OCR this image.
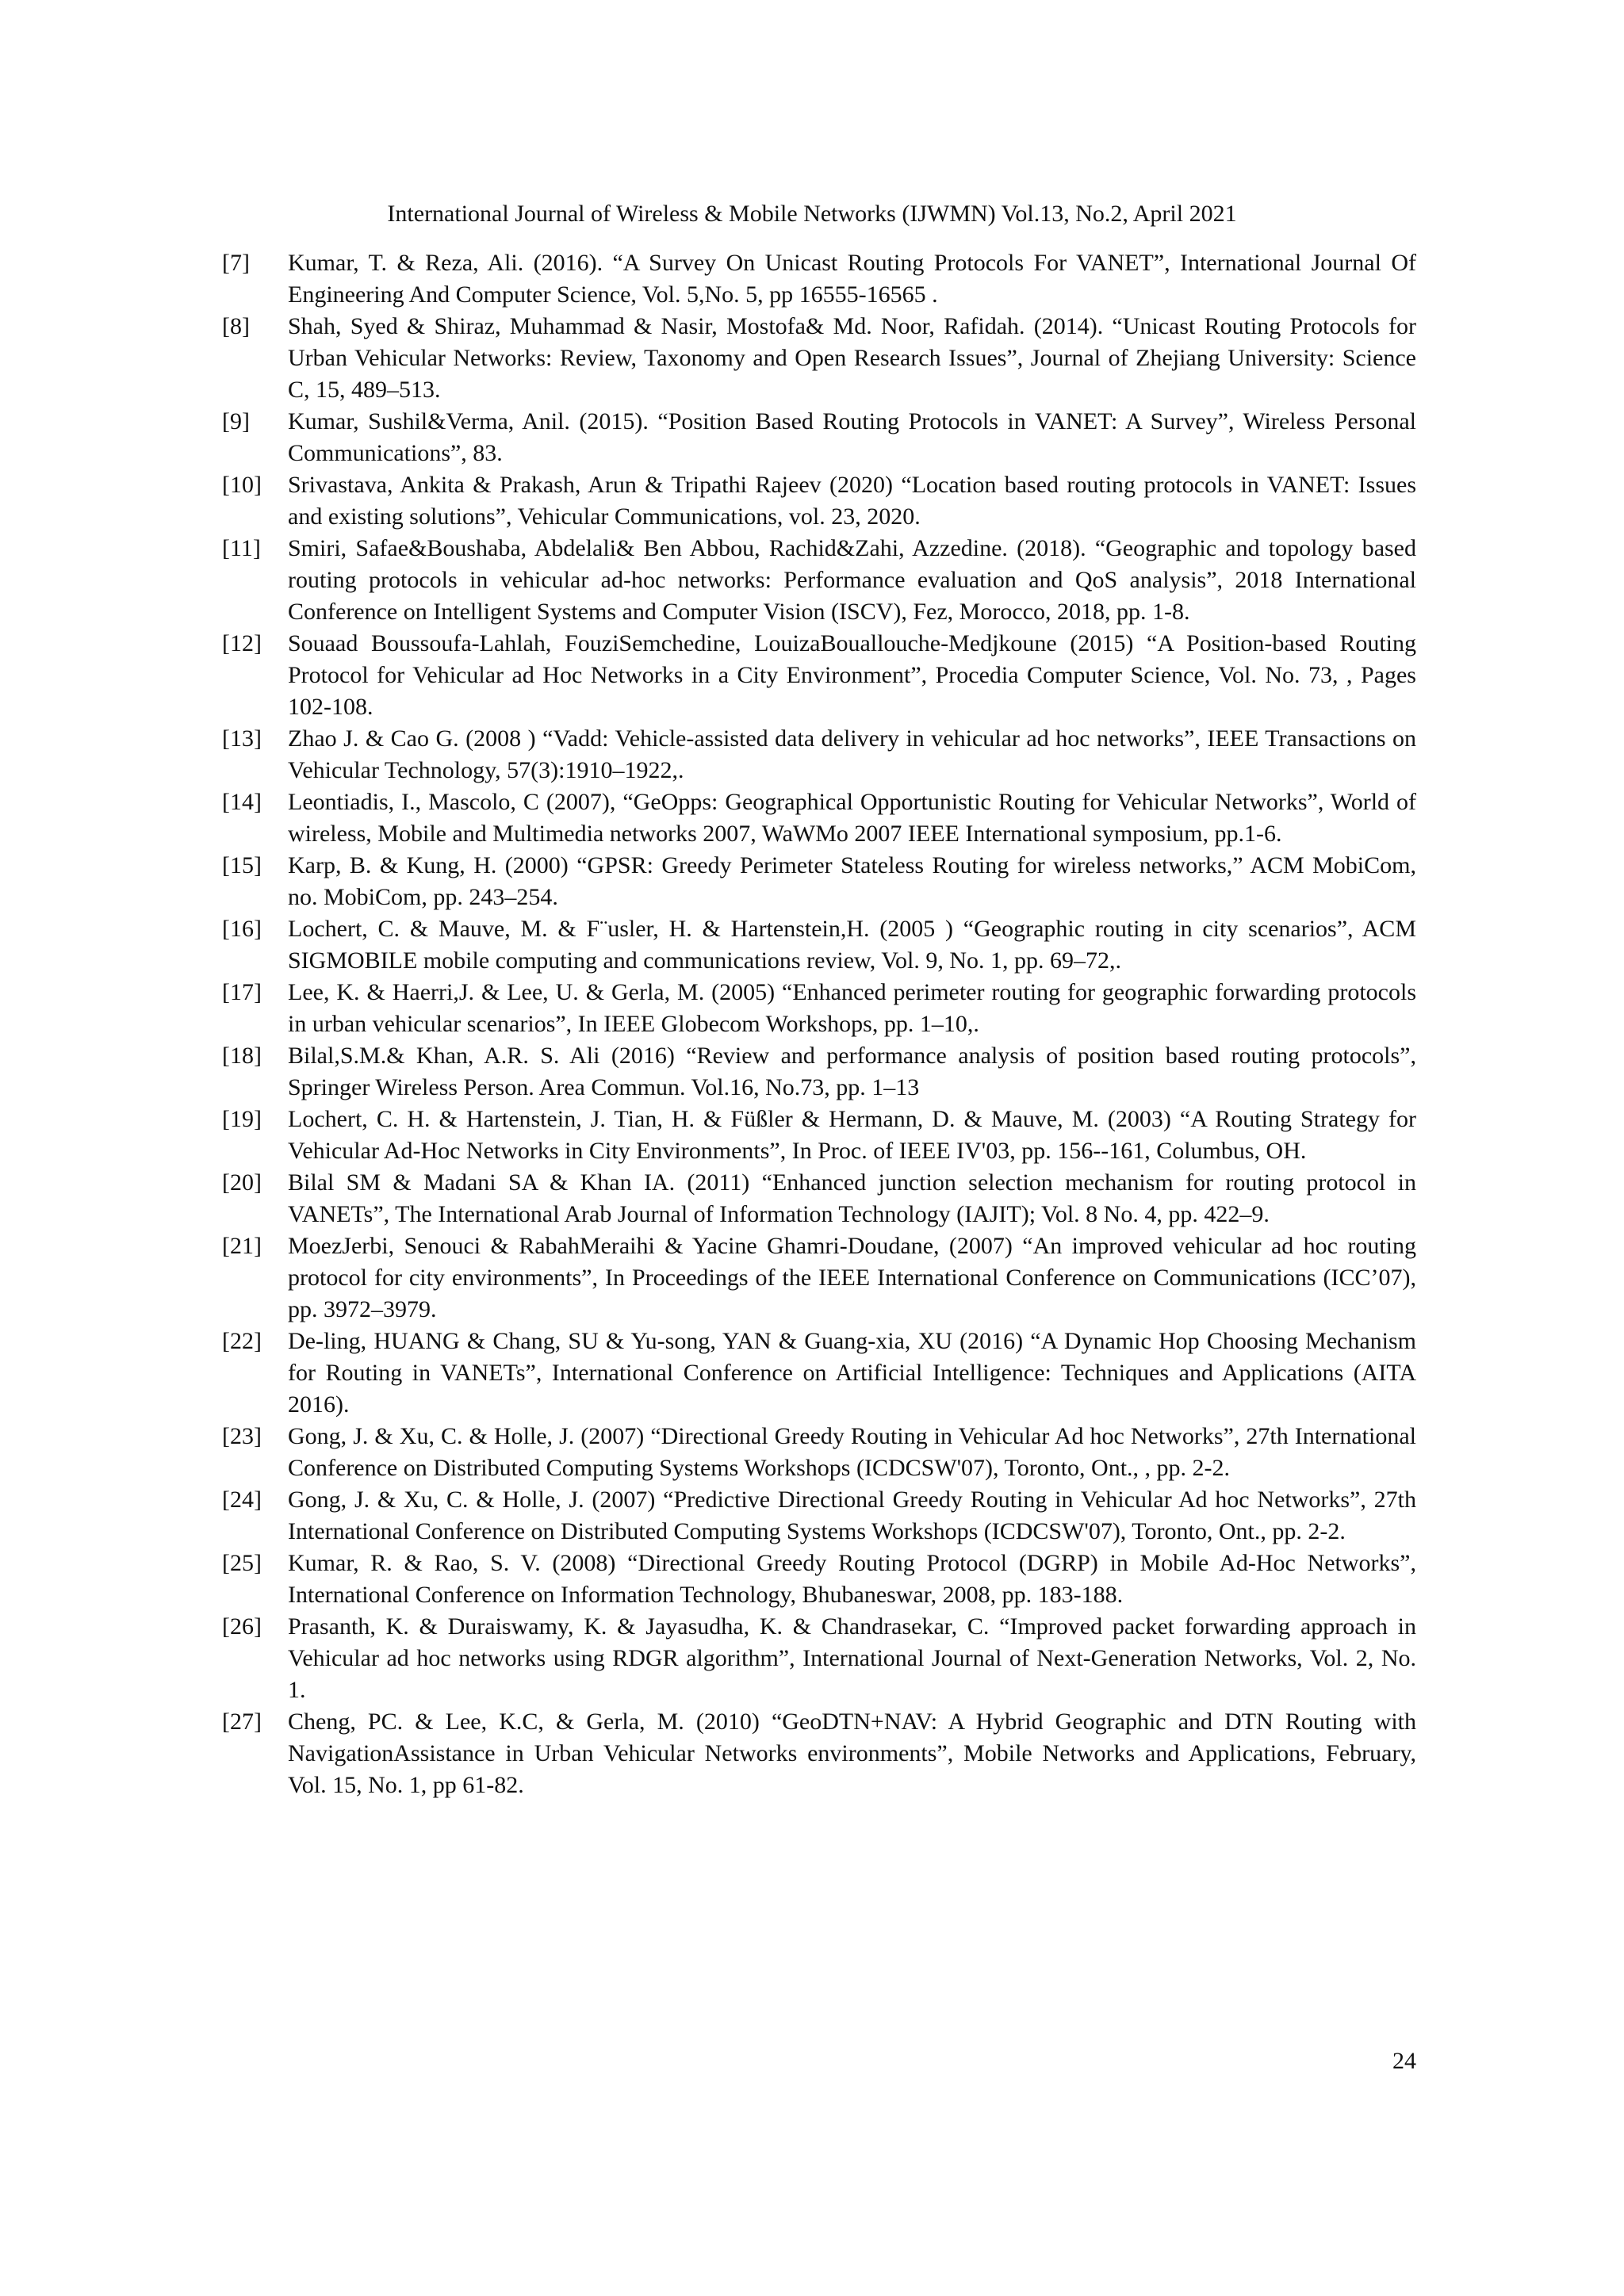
International Journal of Wireless & Mobile Networks (IJWMN) Vol.13, No.2, April 2021
[7] Kumar, T. & Reza, Ali. (2016). “A Survey On Unicast Routing Protocols For VANET”, International Journal Of Engineering And Computer Science, Vol. 5,No. 5, pp 16555-16565 .
[8] Shah, Syed & Shiraz, Muhammad & Nasir, Mostofa& Md. Noor, Rafidah. (2014). “Unicast Routing Protocols for Urban Vehicular Networks: Review, Taxonomy and Open Research Issues”, Journal of Zhejiang University: Science C, 15, 489–513.
[9] Kumar, Sushil&Verma, Anil. (2015). “Position Based Routing Protocols in VANET: A Survey”, Wireless Personal Communications”, 83.
[10] Srivastava, Ankita & Prakash, Arun & Tripathi Rajeev (2020) “Location based routing protocols in VANET: Issues and existing solutions”, Vehicular Communications, vol. 23, 2020.
[11] Smiri, Safae&Boushaba, Abdelali& Ben Abbou, Rachid&Zahi, Azzedine. (2018). “Geographic and topology based routing protocols in vehicular ad-hoc networks: Performance evaluation and QoS analysis”, 2018 International Conference on Intelligent Systems and Computer Vision (ISCV), Fez, Morocco, 2018, pp. 1-8.
[12] Souaad Boussoufa-Lahlah, FouziSemchedine, LouizaBouallouche-Medjkoune (2015) “A Position-based Routing Protocol for Vehicular ad Hoc Networks in a City Environment”, Procedia Computer Science, Vol. No. 73, , Pages 102-108.
[13] Zhao J. & Cao G. (2008 ) “Vadd: Vehicle-assisted data delivery in vehicular ad hoc networks”, IEEE Transactions on Vehicular Technology, 57(3):1910–1922,.
[14] Leontiadis, I., Mascolo, C (2007), “GeOpps: Geographical Opportunistic Routing for Vehicular Networks”, World of wireless, Mobile and Multimedia networks 2007, WaWMo 2007 IEEE International symposium, pp.1-6.
[15] Karp, B. & Kung, H. (2000) “GPSR: Greedy Perimeter Stateless Routing for wireless networks,” ACM MobiCom, no. MobiCom, pp. 243–254.
[16] Lochert, C. & Mauve, M. & F¨usler, H. & Hartenstein,H. (2005 ) “Geographic routing in city scenarios”, ACM SIGMOBILE mobile computing and communications review, Vol. 9, No. 1, pp. 69–72,.
[17] Lee, K. & Haerri,J. & Lee, U. & Gerla, M. (2005) “Enhanced perimeter routing for geographic forwarding protocols in urban vehicular scenarios”, In IEEE Globecom Workshops, pp. 1–10,.
[18] Bilal,S.M.& Khan, A.R. S. Ali (2016) “Review and performance analysis of position based routing protocols”, Springer Wireless Person. Area Commun. Vol.16, No.73, pp. 1–13
[19] Lochert, C. H. & Hartenstein, J. Tian, H. & Füßler & Hermann, D. & Mauve, M. (2003) “A Routing Strategy for Vehicular Ad-Hoc Networks in City Environments”, In Proc. of IEEE IV'03, pp. 156--161, Columbus, OH.
[20] Bilal SM & Madani SA & Khan IA. (2011) “Enhanced junction selection mechanism for routing protocol in VANETs”, The International Arab Journal of Information Technology (IAJIT); Vol. 8 No. 4, pp. 422–9.
[21] MoezJerbi, Senouci & RabahMeraihi & Yacine Ghamri-Doudane, (2007) “An improved vehicular ad hoc routing protocol for city environments”, In Proceedings of the IEEE International Conference on Communications (ICC’07), pp. 3972–3979.
[22] De-ling, HUANG & Chang, SU & Yu-song, YAN & Guang-xia, XU (2016) “A Dynamic Hop Choosing Mechanism for Routing in VANETs”, International Conference on Artificial Intelligence: Techniques and Applications (AITA 2016).
[23] Gong, J. & Xu, C. & Holle, J. (2007) “Directional Greedy Routing in Vehicular Ad hoc Networks”, 27th International Conference on Distributed Computing Systems Workshops (ICDCSW'07), Toronto, Ont., , pp. 2-2.
[24] Gong, J. & Xu, C. & Holle, J. (2007) “Predictive Directional Greedy Routing in Vehicular Ad hoc Networks”, 27th International Conference on Distributed Computing Systems Workshops (ICDCSW'07), Toronto, Ont., pp. 2-2.
[25] Kumar, R. & Rao, S. V. (2008) “Directional Greedy Routing Protocol (DGRP) in Mobile Ad-Hoc Networks”, International Conference on Information Technology, Bhubaneswar, 2008, pp. 183-188.
[26] Prasanth, K. & Duraiswamy, K. & Jayasudha, K. & Chandrasekar, C. “Improved packet forwarding approach in Vehicular ad hoc networks using RDGR algorithm”, International Journal of Next-Generation Networks, Vol. 2, No. 1.
[27] Cheng, PC. & Lee, K.C, & Gerla, M. (2010) “GeoDTN+NAV: A Hybrid Geographic and DTN Routing with NavigationAssistance in Urban Vehicular Networks environments”, Mobile Networks and Applications, February, Vol. 15, No. 1, pp 61-82.
24
